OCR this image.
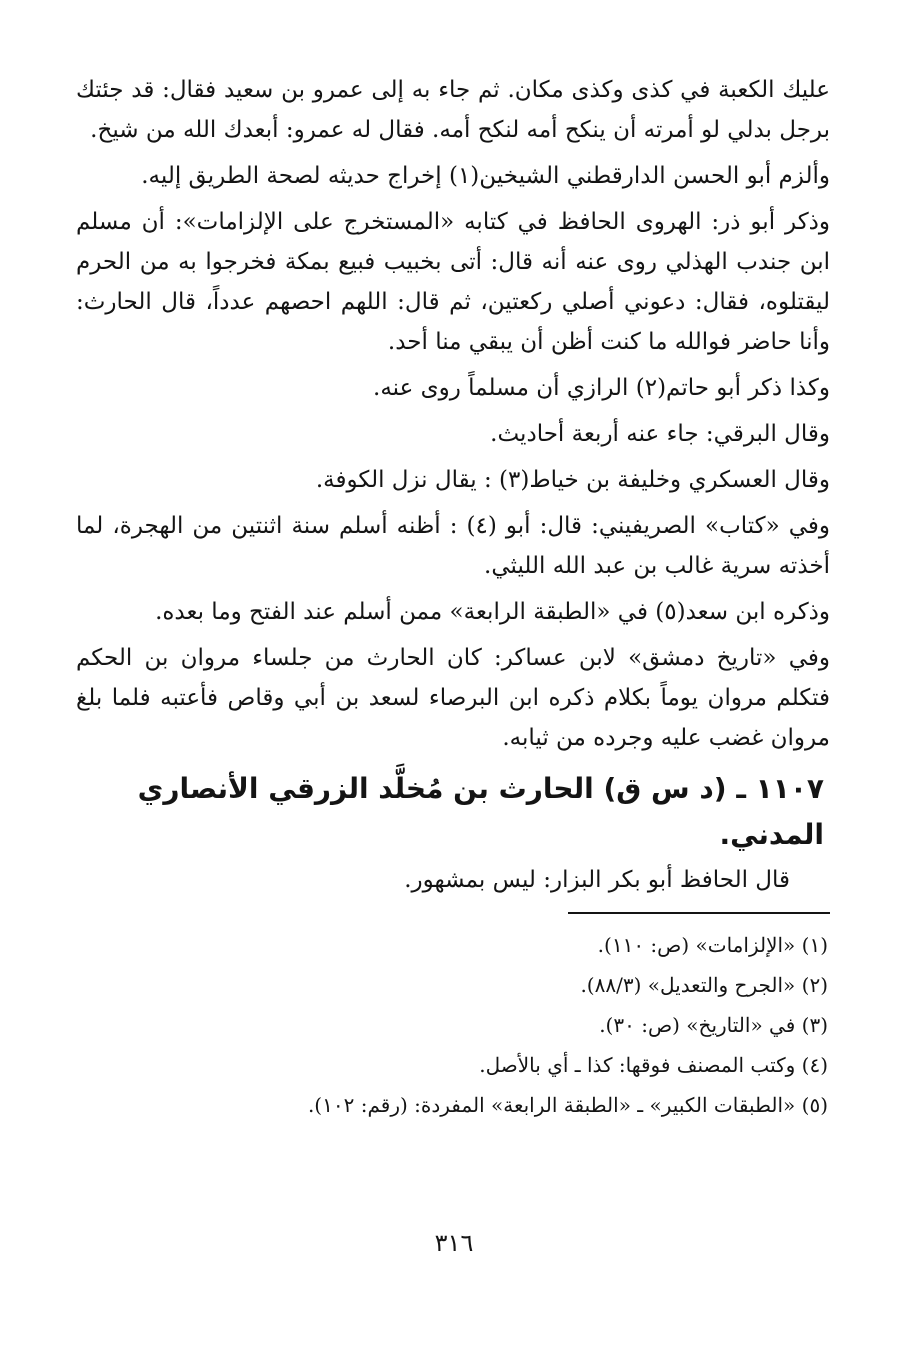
عليك الكعبة في كذى وكذى مكان. ثم جاء به إلى عمرو بن سعيد فقال: قد جئتك برجل بدلي لو أمرته أن ينكح أمه لنكح أمه. فقال له عمرو: أبعدك الله من شيخ.

وألزم أبو الحسن الدارقطني الشيخين(١) إخراج حديثه لصحة الطريق إليه.

وذكر أبو ذر: الهروى الحافظ في كتابه «المستخرج على الإلزامات»: أن مسلم ابن جندب الهذلي روى عنه أنه قال: أتى بخبيب فبيع بمكة فخرجوا به من الحرم ليقتلوه، فقال: دعوني أصلي ركعتين، ثم قال: اللهم احصهم عدداً، قال الحارث: وأنا حاضر فوالله ما كنت أظن أن يبقي منا أحد.

وكذا ذكر أبو حاتم(٢) الرازي أن مسلماً روى عنه.

وقال البرقي: جاء عنه أربعة أحاديث.

وقال العسكري وخليفة بن خياط(٣) : يقال نزل الكوفة.

وفي «كتاب» الصريفيني: قال: أبو (٤) : أظنه أسلم سنة اثنتين من الهجرة، لما أخذته سرية غالب بن عبد الله الليثي.

وذكره ابن سعد(٥) في «الطبقة الرابعة» ممن أسلم عند الفتح وما بعده.

وفي «تاريخ دمشق» لابن عساكر: كان الحارث من جلساء مروان بن الحكم فتكلم مروان يوماً بكلام ذكره ابن البرصاء لسعد بن أبي وقاص فأعتبه فلما بلغ مروان غضب عليه وجرده من ثيابه.

١١٠٧ ـ (د س ق) الحارث بن مُخلَّد الزرقي الأنصاري المدني.

قال الحافظ أبو بكر البزار: ليس بمشهور.

(١) «الإلزامات» (ص: ١١٠).

(٢) «الجرح والتعديل» (٨٨/٣).

(٣) في «التاريخ» (ص: ٣٠).

(٤) وكتب المصنف فوقها: كذا ـ أي بالأصل.

(٥) «الطبقات الكبير» ـ «الطبقة الرابعة» المفردة: (رقم: ١٠٢).

٣١٦
